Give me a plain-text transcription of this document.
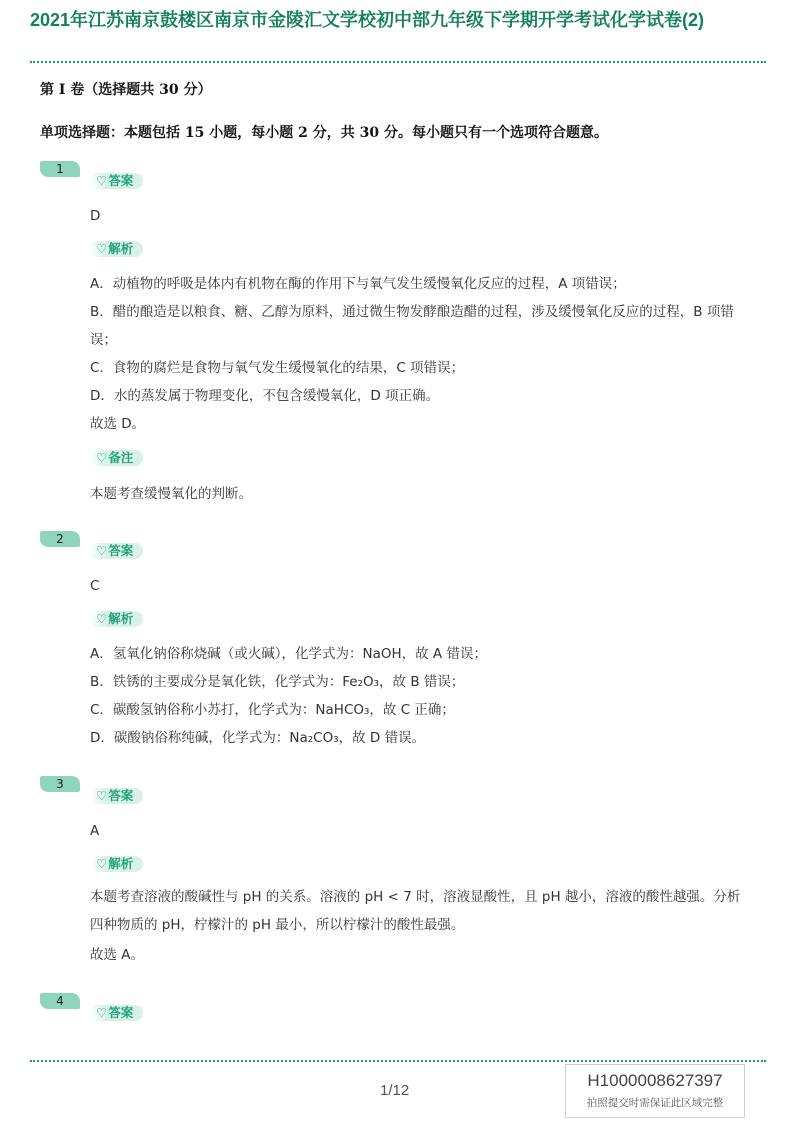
2021年江苏南京鼓楼区南京市金陵汇文学校初中部九年级下学期开学考试化学试卷(2)
第 Ⅰ 卷（选择题共 30 分）
单项选择题：本题包括 15 小题，每小题 2 分，共 30 分。每小题只有一个选项符合题意。
1
♡答案
D
♡解析
A．动植物的呼吸是体内有机物在酶的作用下与氧气发生缓慢氧化反应的过程，A 项错误；
B．醋的酿造是以粮食、糖、乙醇为原料，通过微生物发酵酿造醋的过程，涉及缓慢氧化反应的过程，B 项错误；
C．食物的腐烂是食物与氧气发生缓慢氧化的结果，C 项错误；
D．水的蒸发属于物理变化，不包含缓慢氧化，D 项正确。
故选 D。
♡备注
本题考查缓慢氧化的判断。
2
♡答案
C
♡解析
A．氢氧化钠俗称烧碱（或火碱），化学式为：NaOH，故 A 错误；
B．铁锈的主要成分是氧化铁，化学式为：Fe₂O₃，故 B 错误；
C．碳酸氢钠俗称小苏打，化学式为：NaHCO₃，故 C 正确；
D．碳酸钠俗称纯碱，化学式为：Na₂CO₃，故 D 错误。
3
♡答案
A
♡解析
本题考查溶液的酸碱性与 pH 的关系。溶液的 pH < 7 时，溶液显酸性，且 pH 越小，溶液的酸性越强。分析四种物质的 pH，柠檬汁的 pH 最小，所以柠檬汁的酸性最强。
故选 A。
4
♡答案
1/12
H1000008627397
拍照提交时需保证此区域完整
